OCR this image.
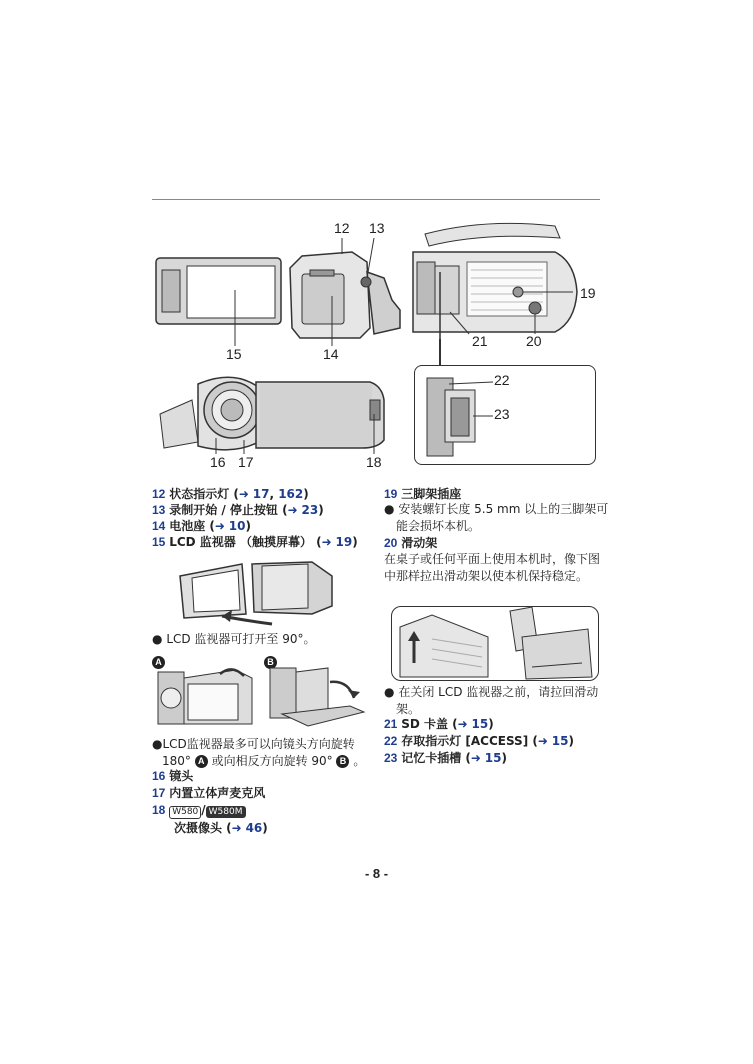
12 13
15	14
19
21	20
22
23
16 17	18
12 状态指示灯 (➜ 17, 162)
13 录制开始 / 停止按钮 (➜ 23)
14 电池座 (➜ 10)
15 LCD 监视器 （触摸屏幕） (➜ 19)
● LCD 监视器可打开至 90°。
A	B
●LCD监视器最多可以向镜头方向旋转
180° A 或向相反方向旋转 90° B 。
16 镜头
17 内置立体声麦克风
18 W580 / W580M
次摄像头 (➜ 46)
19 三脚架插座
● 安装螺钉长度 5.5 mm 以上的三脚架可能会损坏本机。
20 滑动架
在桌子或任何平面上使用本机时，像下图中那样拉出滑动架以使本机保持稳定。
● 在关闭 LCD 监视器之前，请拉回滑动架。
21 SD 卡盖 (➜ 15)
22 存取指示灯 [ACCESS] (➜ 15)
23 记忆卡插槽 (➜ 15)
- 8 -
